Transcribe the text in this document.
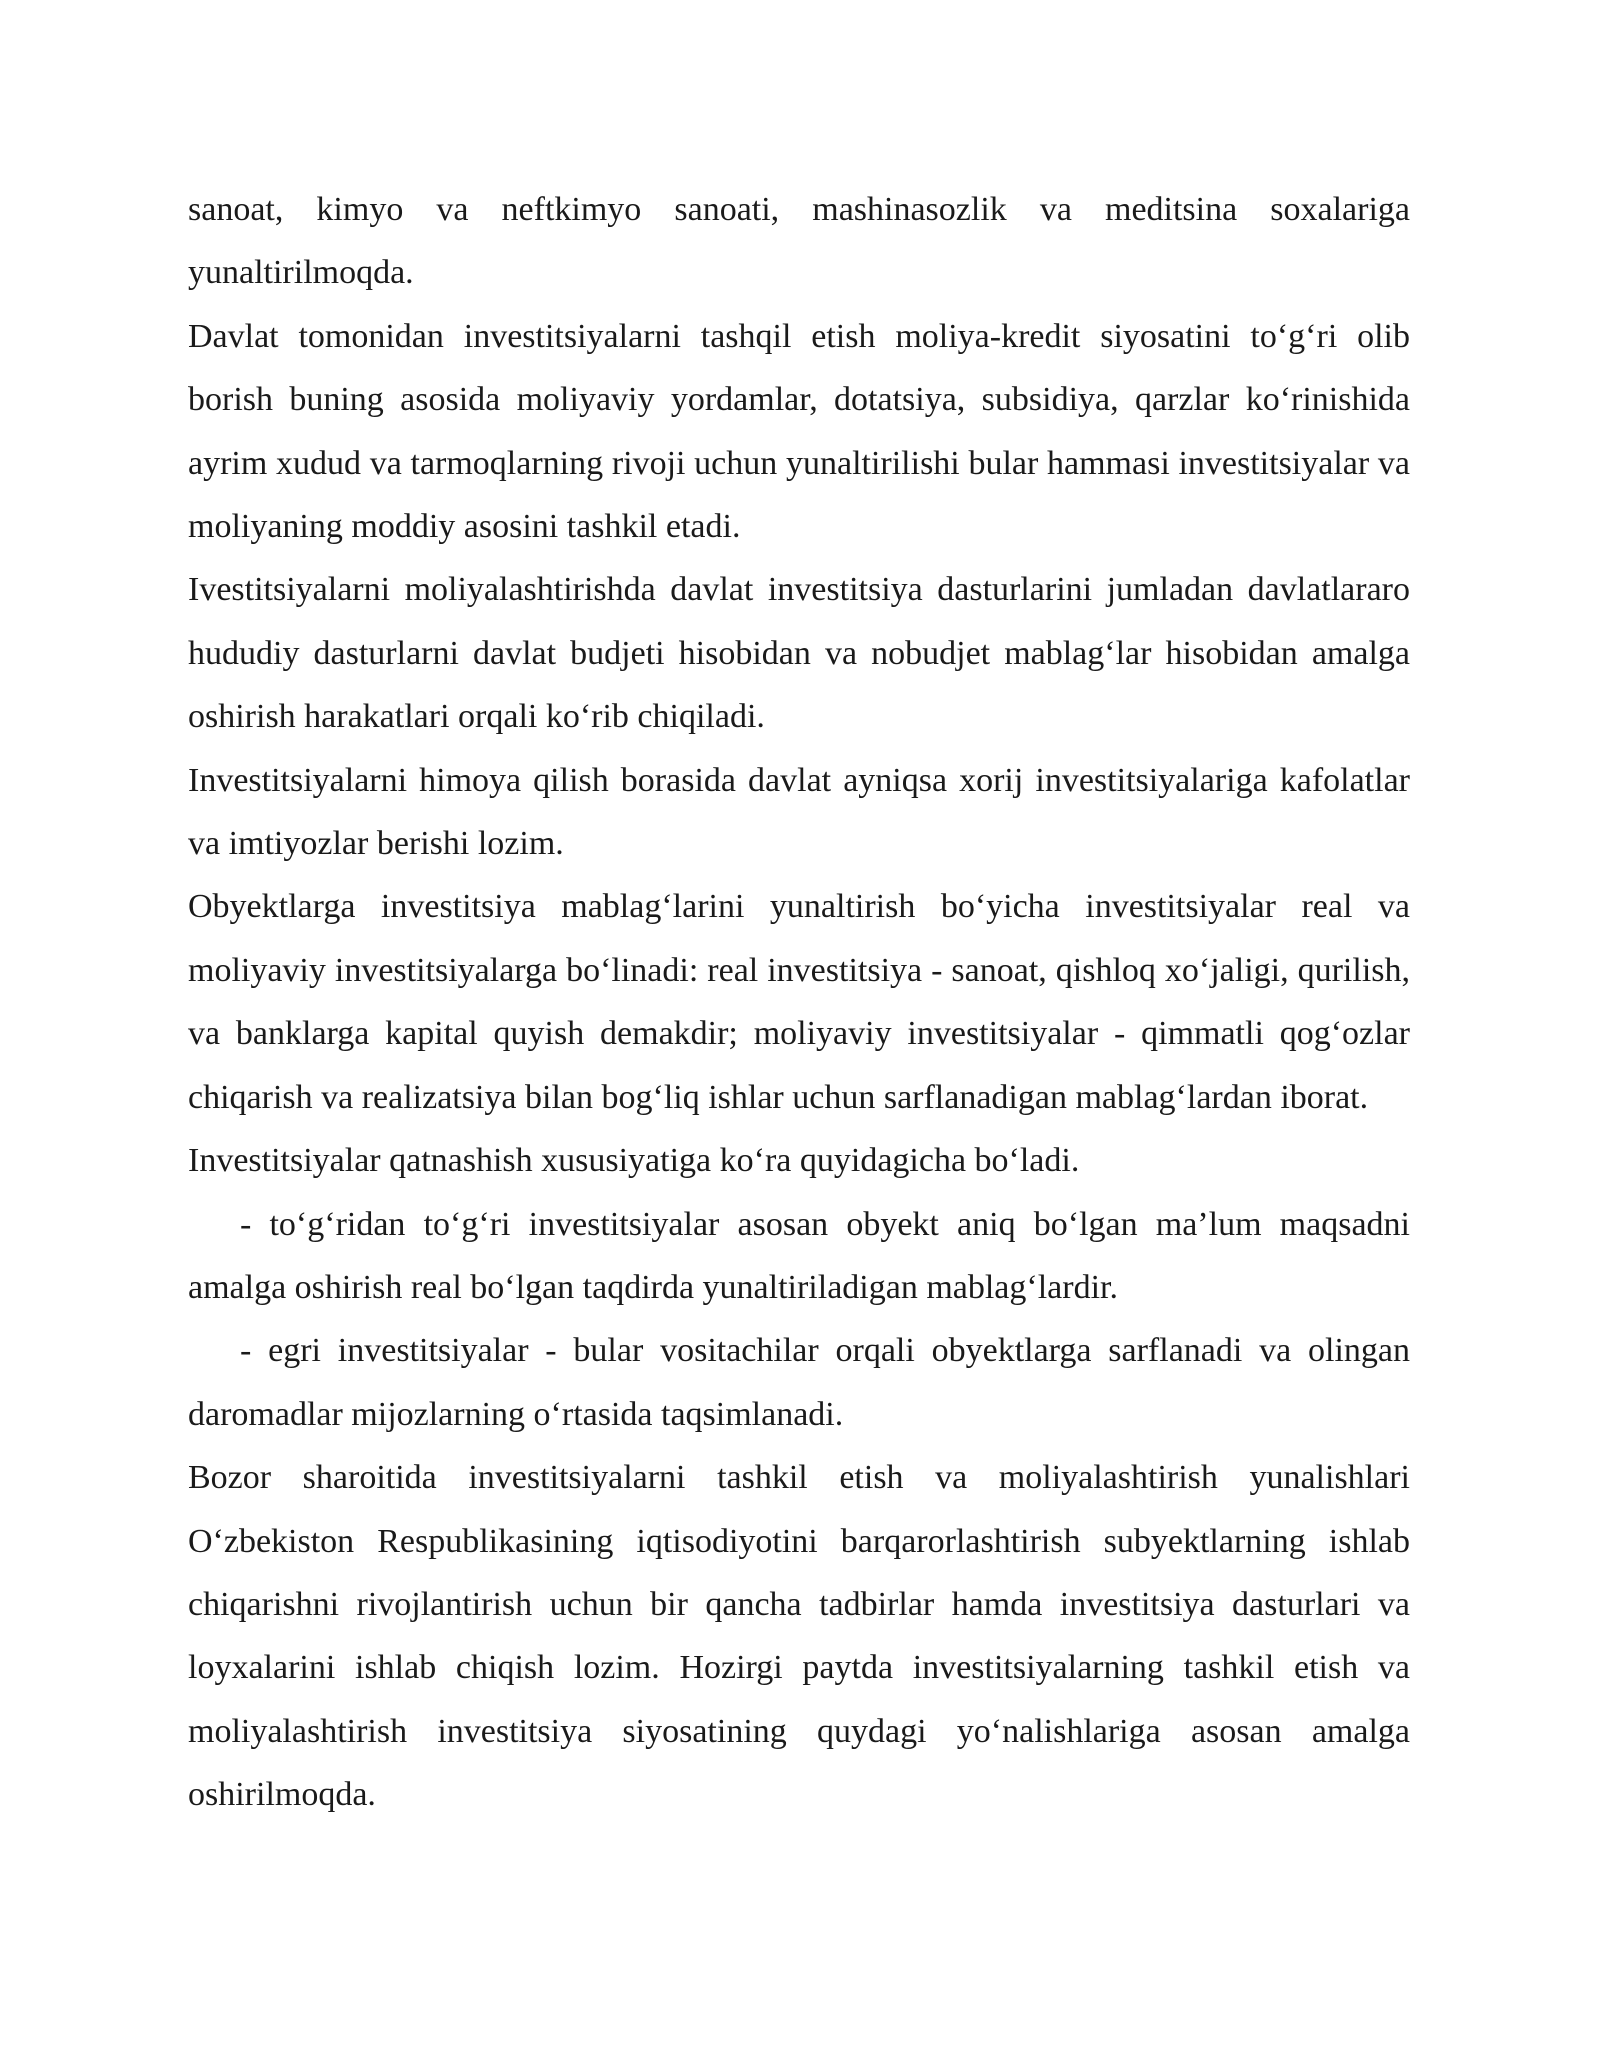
sanoat, kimyo va neftkimyo sanoati, mashinasozlik va meditsina soxalariga yunaltirilmoqda.

Davlat tomonidan investitsiyalarni tashqil etish moliya-kredit siyosatini to‘g‘ri olib borish buning asosida moliyaviy yordamlar, dotatsiya, subsidiya, qarzlar ko‘rinishida ayrim xudud va tarmoqlarning rivoji uchun yunaltirilishi bular hammasi investitsiyalar va moliyaning moddiy asosini tashkil etadi.

Ivestitsiyalarni moliyalashtirishda davlat investitsiya dasturlarini jumladan davlatlararo hududiy dasturlarni davlat budjeti hisobidan va nobudjet mablag‘lar hisobidan amalga oshirish harakatlari orqali ko‘rib chiqiladi.

Investitsiyalarni himoya qilish borasida davlat ayniqsa xorij investitsiyalariga kafolatlar va imtiyozlar berishi lozim.

Obyektlarga investitsiya mablag‘larini yunaltirish bo‘yicha investitsiyalar real va moliyaviy investitsiyalarga bo‘linadi: real investitsiya - sanoat, qishloq xo‘jaligi, qurilish, va banklarga kapital quyish demakdir; moliyaviy investitsiyalar - qimmatli qog‘ozlar chiqarish va realizatsiya bilan bog‘liq ishlar uchun sarflanadigan mablag‘lardan iborat.

Investitsiyalar qatnashish xususiyatiga ko‘ra quyidagicha bo‘ladi.

- to‘g‘ridan to‘g‘ri investitsiyalar asosan obyekt aniq bo‘lgan ma’lum maqsadni amalga oshirish real bo‘lgan taqdirda yunaltiriladigan mablag‘lardir.

- egri investitsiyalar - bular vositachilar orqali obyektlarga sarflanadi va olingan daromadlar mijozlarning o‘rtasida taqsimlanadi.

Bozor sharoitida investitsiyalarni tashkil etish va moliyalashtirish yunalishlari O‘zbekiston Respublikasining iqtisodiyotini barqarorlashtirish subyektlarning ishlab chiqarishni rivojlantirish uchun bir qancha tadbirlar hamda investitsiya dasturlari va loyxalarini ishlab chiqish lozim. Hozirgi paytda investitsiyalarning tashkil etish va moliyalashtirish investitsiya siyosatining quydagi yo‘nalishlariga asosan amalga oshirilmoqda.
